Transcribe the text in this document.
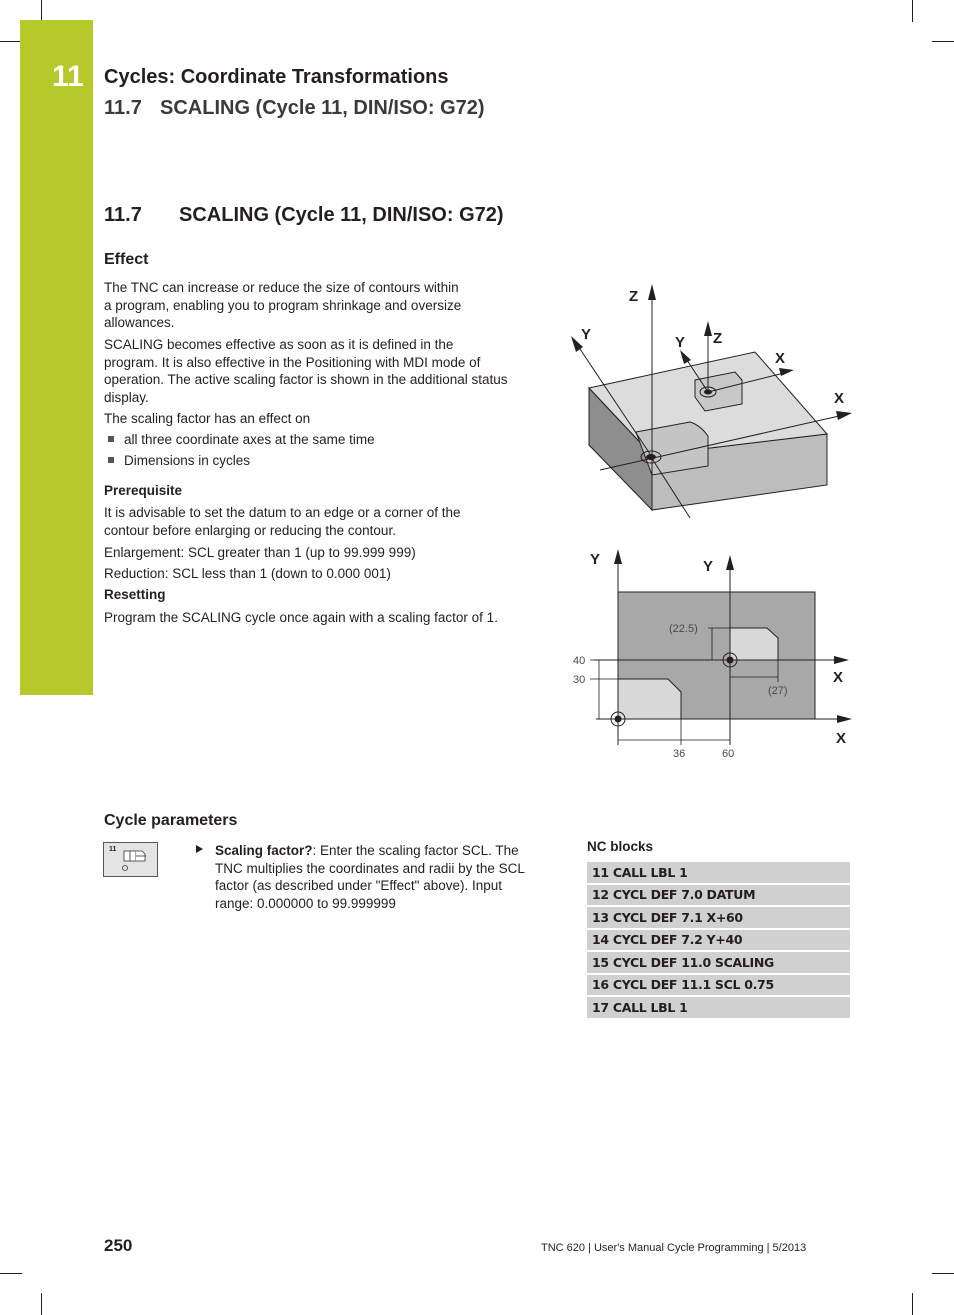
11 Cycles: Coordinate Transformations
11.7 SCALING (Cycle 11, DIN/ISO: G72)
11.7 SCALING (Cycle 11, DIN/ISO: G72)
Effect
The TNC can increase or reduce the size of contours within
a program, enabling you to program shrinkage and oversize
allowances.
SCALING becomes effective as soon as it is defined in the
program. It is also effective in the Positioning with MDI mode of
operation. The active scaling factor is shown in the additional status
display.
The scaling factor has an effect on
all three coordinate axes at the same time
Dimensions in cycles
Prerequisite
It is advisable to set the datum to an edge or a corner of the
contour before enlarging or reducing the contour.
Enlargement: SCL greater than 1 (up to 99.999 999)
Reduction: SCL less than 1 (down to 0.000 001)
Resetting
Program the SCALING cycle once again with a scaling factor of 1.
Z
Y	Y Z
X
X
Y	Y
X
X
(22.5)
(27)
40
30
36	60
Cycle parameters
11	Scaling factor?: Enter the scaling factor SCL. The
TNC multiplies the coordinates and radii by the SCL
factor (as described under "Effect" above). Input
range: 0.000000 to 99.999999
NC blocks
11 CALL LBL 1
12 CYCL DEF 7.0 DATUM
13 CYCL DEF 7.1 X+60
14 CYCL DEF 7.2 Y+40
15 CYCL DEF 11.0 SCALING
16 CYCL DEF 11.1 SCL 0.75
17 CALL LBL 1
250	TNC 620 | User's Manual Cycle Programming | 5/2013
